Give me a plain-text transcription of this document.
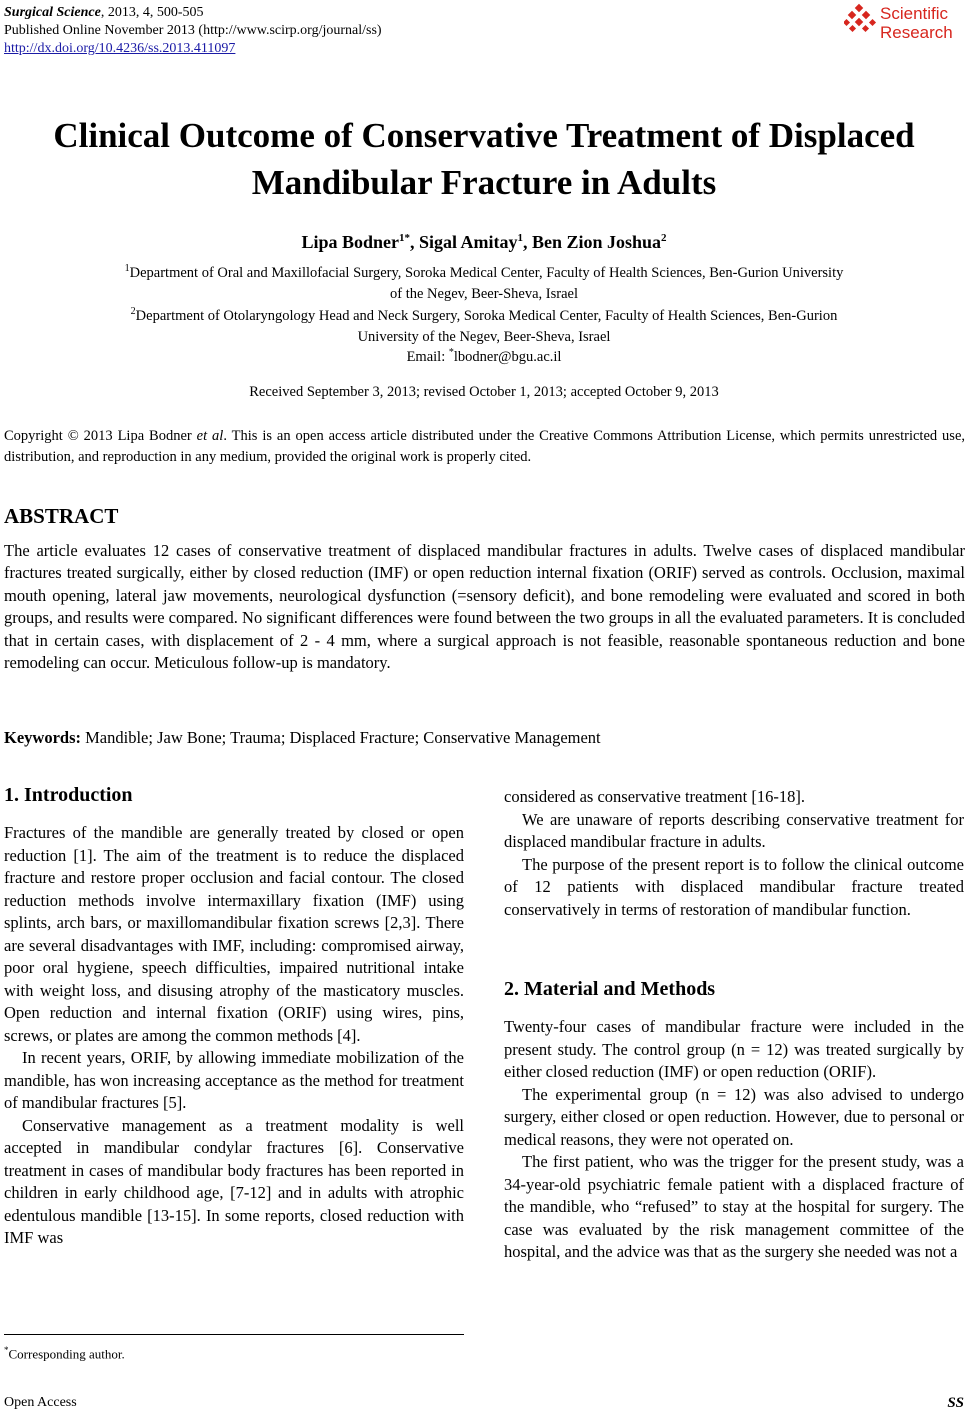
Surgical Science, 2013, 4, 500-505
Published Online November 2013 (http://www.scirp.org/journal/ss)
http://dx.doi.org/10.4236/ss.2013.411097
Scientific
Research
Clinical Outcome of Conservative Treatment of Displaced
Mandibular Fracture in Adults
Lipa Bodner$^{1*}$, Sigal Amitay$^1$, Ben Zion Joshua$^2$
$^1$Department of Oral and Maxillofacial Surgery, Soroka Medical Center, Faculty of Health Sciences, Ben-Gurion University
of the Negev, Beer-Sheva, Israel
$^2$Department of Otolaryngology Head and Neck Surgery, Soroka Medical Center, Faculty of Health Sciences, Ben-Gurion
University of the Negev, Beer-Sheva, Israel
Email: *lbodner@bgu.ac.il
Received September 3, 2013; revised October 1, 2013; accepted October 9, 2013
Copyright © 2013 Lipa Bodner et al. This is an open access article distributed under the Creative Commons Attribution License, which permits unrestricted use, distribution, and reproduction in any medium, provided the original work is properly cited.
ABSTRACT
The article evaluates 12 cases of conservative treatment of displaced mandibular fractures in adults. Twelve cases of displaced mandibular fractures treated surgically, either by closed reduction (IMF) or open reduction internal fixation (ORIF) served as controls. Occlusion, maximal mouth opening, lateral jaw movements, neurological dysfunction (=sensory deficit), and bone remodeling were evaluated and scored in both groups, and results were compared. No significant differences were found between the two groups in all the evaluated parameters. It is concluded that in certain cases, with displacement of 2 - 4 mm, where a surgical approach is not feasible, reasonable spontaneous reduction and bone remodeling can occur. Meticulous follow-up is mandatory.
Keywords: Mandible; Jaw Bone; Trauma; Displaced Fracture; Conservative Management
1. Introduction

Fractures of the mandible are generally treated by closed or open reduction [1]. The aim of the treatment is to reduce the displaced fracture and restore proper occlusion and facial contour. The closed reduction methods involve intermaxillary fixation (IMF) using splints, arch bars, or maxillomandibular fixation screws [2,3]. There are several disadvantages with IMF, including: compromised airway, poor oral hygiene, speech difficulties, impaired nutritional intake with weight loss, and disusing atrophy of the masticatory muscles. Open reduction and internal fixation (ORIF) using wires, pins, screws, or plates are among the common methods [4].

In recent years, ORIF, by allowing immediate mobilization of the mandible, has won increasing acceptance as the method for treatment of mandibular fractures [5].

Conservative management as a treatment modality is well accepted in mandibular condylar fractures [6]. Conservative treatment in cases of mandibular body fractures has been reported in children in early childhood age, [7-12] and in adults with atrophic edentulous mandible [13-15]. In some reports, closed reduction with IMF was

considered as conservative treatment [16-18].

We are unaware of reports describing conservative treatment for displaced mandibular fracture in adults.

The purpose of the present report is to follow the clinical outcome of 12 patients with displaced mandibular fracture treated conservatively in terms of restoration of mandibular function.

2. Material and Methods

Twenty-four cases of mandibular fracture were included in the present study. The control group (n = 12) was treated surgically by either closed reduction (IMF) or open reduction (ORIF).

The experimental group (n = 12) was also advised to undergo surgery, either closed or open reduction. However, due to personal or medical reasons, they were not operated on.

The first patient, who was the trigger for the present study, was a 34-year-old psychiatric female patient with a displaced fracture of the mandible, who “refused” to stay at the hospital for surgery. The case was evaluated by the risk management committee of the hospital, and the advice was that as the surgery she needed was not a

*Corresponding author.
Open Access	SS
